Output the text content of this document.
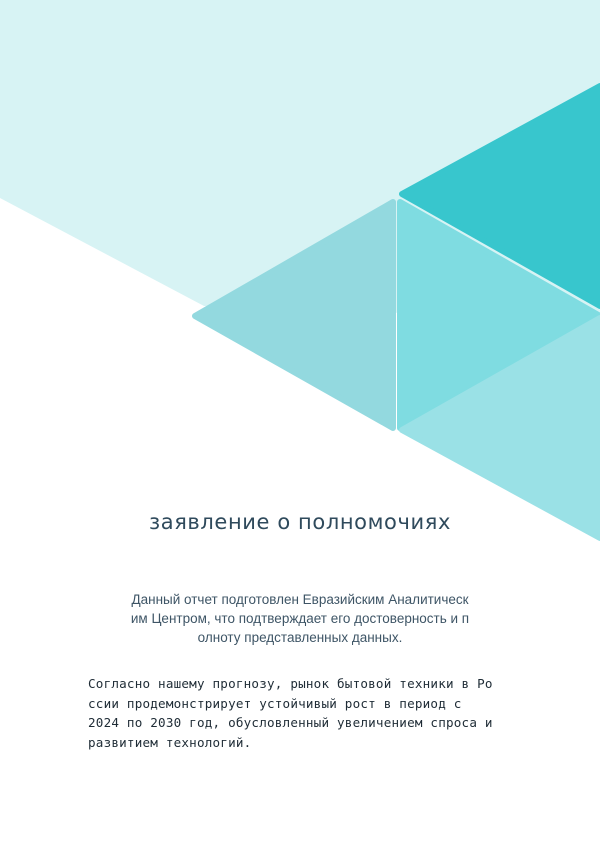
заявление о полномочиях

Данный отчет подготовлен Евразийским Аналитическ
им Центром, что подтверждает его достоверность и п
олноту представленных данных.

Согласно нашему прогнозу, рынок бытовой техники в Ро
ссии продемонстрирует устойчивый рост в период с
2024 по 2030 год, обусловленный увеличением спроса и
развитием технологий.
